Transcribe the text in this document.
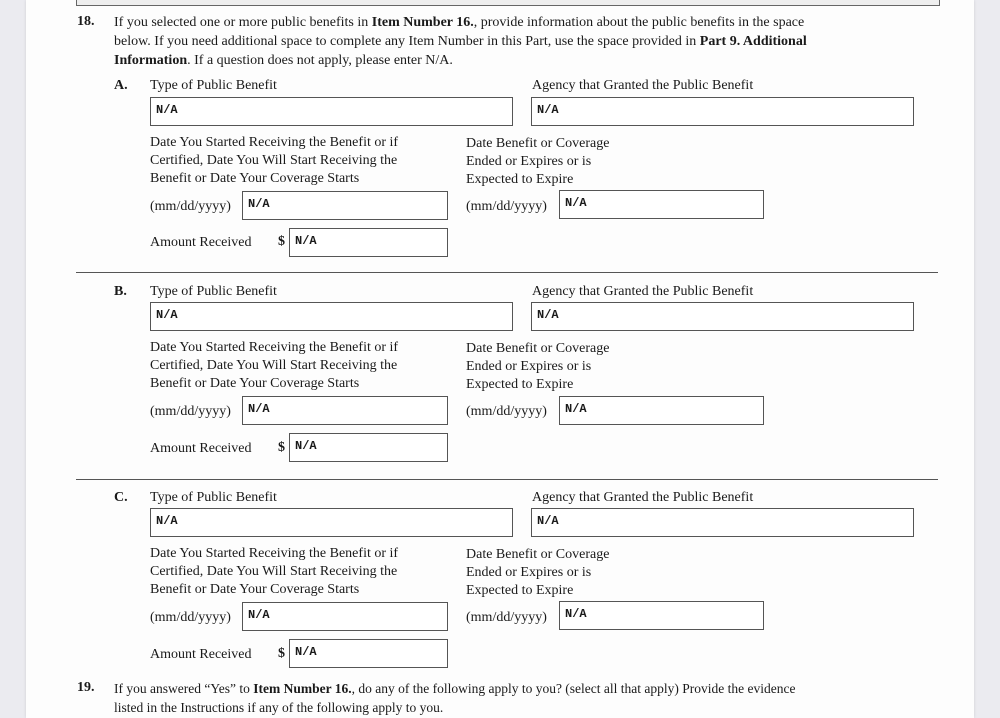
18. If you selected one or more public benefits in Item Number 16., provide information about the public benefits in the space
below. If you need additional space to complete any Item Number in this Part, use the space provided in Part 9. Additional
Information. If a question does not apply, please enter N/A.
A. Type of Public Benefit	Agency that Granted the Public Benefit
N/A	N/A
Date You Started Receiving the Benefit or if
Certified, Date You Will Start Receiving the
Benefit or Date Your Coverage Starts
Date Benefit or Coverage
Ended or Expires or is
Expected to Expire
(mm/dd/yyyy)	N/A	(mm/dd/yyyy)	N/A
Amount Received $ N/A
B. Type of Public Benefit	Agency that Granted the Public Benefit
N/A	N/A
Date You Started Receiving the Benefit or if
Certified, Date You Will Start Receiving the
Benefit or Date Your Coverage Starts
Date Benefit or Coverage
Ended or Expires or is
Expected to Expire
(mm/dd/yyyy)	N/A	(mm/dd/yyyy)	N/A
Amount Received $ N/A
C. Type of Public Benefit	Agency that Granted the Public Benefit
N/A	N/A
Date You Started Receiving the Benefit or if
Certified, Date You Will Start Receiving the
Benefit or Date Your Coverage Starts
Date Benefit or Coverage
Ended or Expires or is
Expected to Expire
(mm/dd/yyyy)	N/A	(mm/dd/yyyy)	N/A
Amount Received $ N/A
19. If you answered “Yes” to Item Number 16., do any of the following apply to you? (select all that apply) Provide the evidence
listed in the Instructions if any of the following apply to you.
